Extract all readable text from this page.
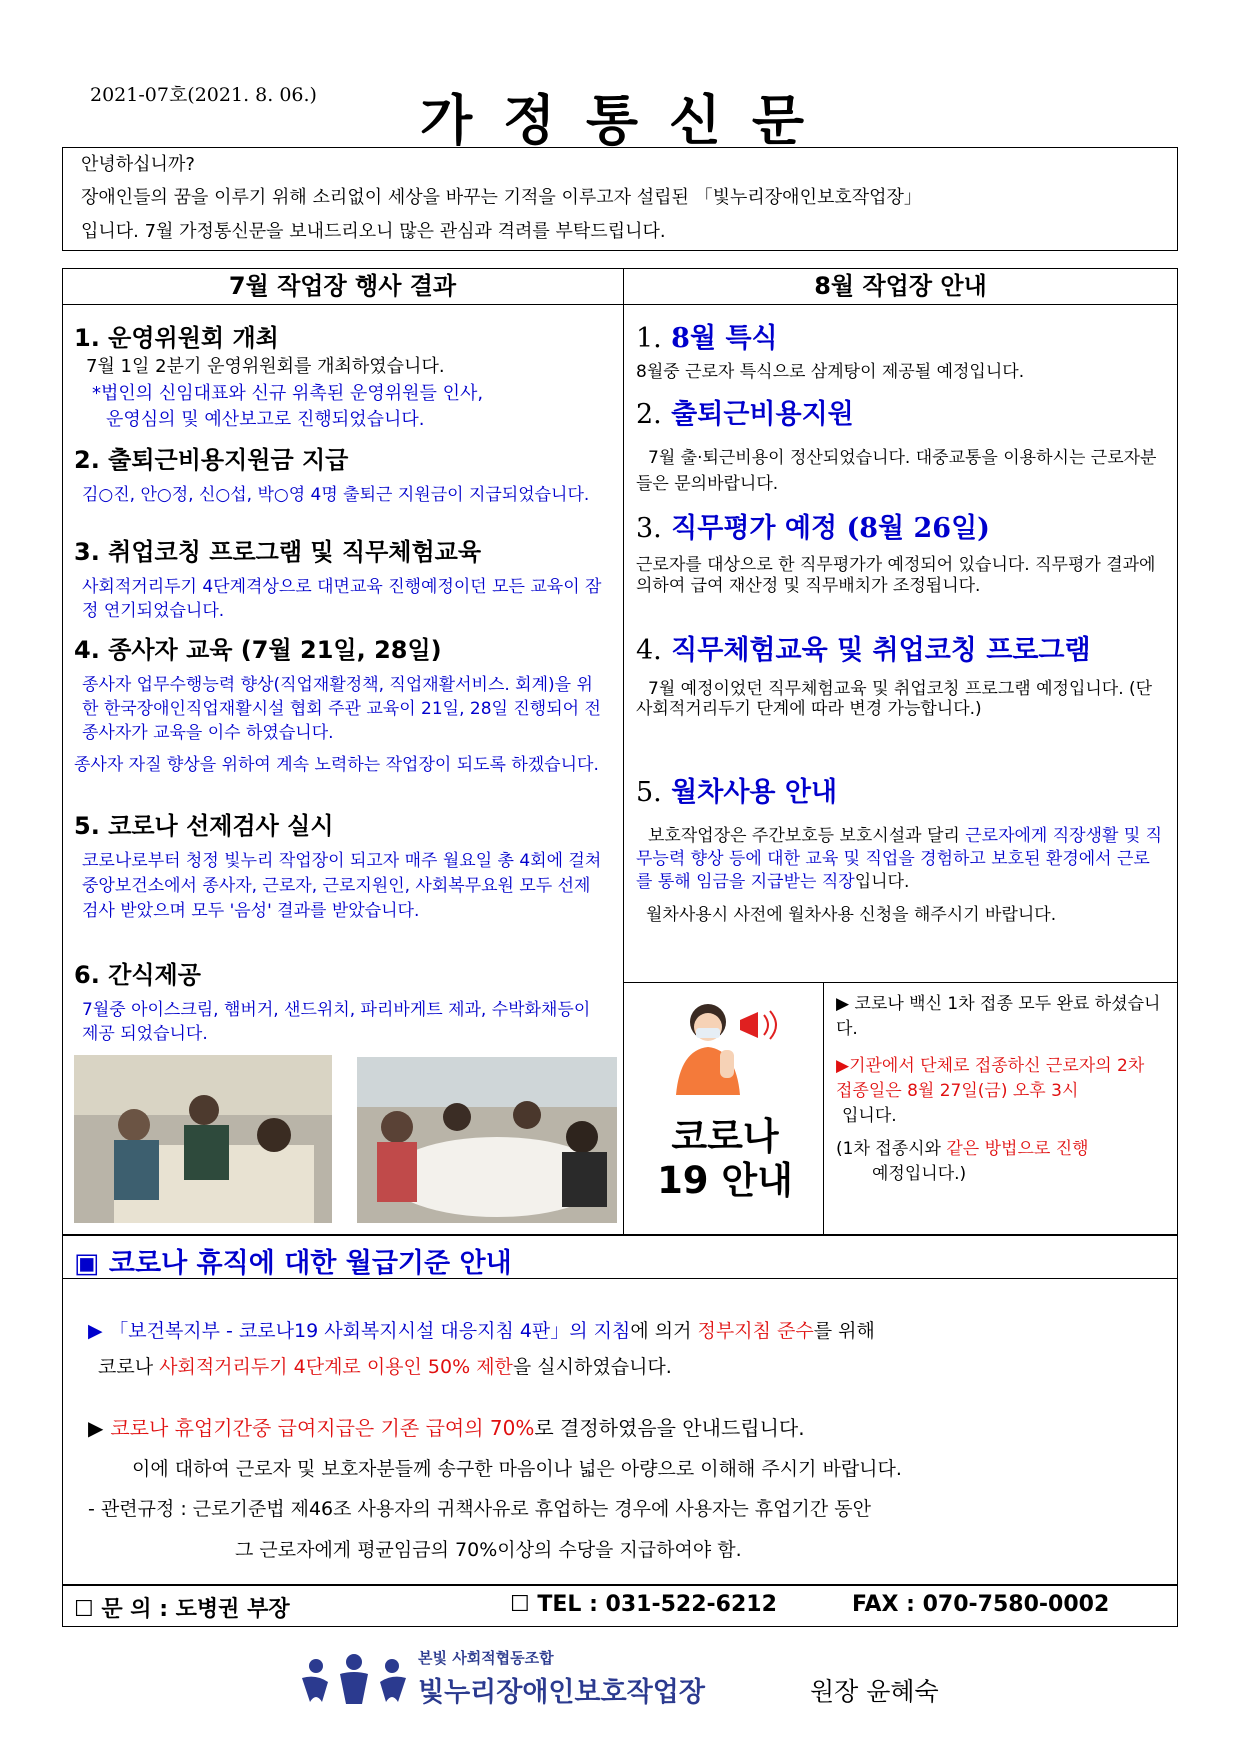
2021-07호(2021. 8. 06.) 가 정 통 신 문
안녕하십니까?
장애인들의 꿈을 이루기 위해 소리없이 세상을 바꾸는 기적을 이루고자 설립된 「빛누리장애인보호작업장」
입니다. 7월 가정통신문을 보내드리오니 많은 관심과 격려를 부탁드립니다.
7월 작업장 행사 결과	8월 작업장 안내

1. 운영위원회 개최

7월 1일 2분기 운영위원회를 개최하였습니다.

*법인의 신임대표와 신규 위촉된 운영위원들 인사,

운영심의 및 예산보고로 진행되었습니다.

2. 출퇴근비용지원금 지급

김○진, 안○정, 신○섭, 박○영 4명 출퇴근 지원금이 지급되었습니다.

3. 취업코칭 프로그램 및 직무체험교육

사회적거리두기 4단계격상으로 대면교육 진행예정이던 모든 교육이 잠정 연기되었습니다.

4. 종사자 교육 (7월 21일, 28일)

종사자 업무수행능력 향상(직업재활정책, 직업재활서비스. 회계)을 위한 한국장애인직업재활시설 협회 주관 교육이 21일, 28일 진행되어 전 종사자가 교육을 이수 하였습니다.

종사자 자질 향상을 위하여 계속 노력하는 작업장이 되도록 하겠습니다.

5. 코로나 선제검사 실시

코로나로부터 청정 빛누리 작업장이 되고자 매주 월요일 총 4회에 걸쳐 중앙보건소에서 종사자, 근로자, 근로지원인, 사회복무요원 모두 선제 검사 받았으며 모두 '음성' 결과를 받았습니다.

6. 간식제공

7월중 아이스크림, 햄버거, 샌드위치, 파리바게트 제과, 수박화채등이 제공 되었습니다.

1. 8월 특식

8월중 근로자 특식으로 삼계탕이 제공될 예정입니다.

2. 출퇴근비용지원

7월 출·퇴근비용이 정산되었습니다. 대중교통을 이용하시는 근로자분들은 문의바랍니다.

3. 직무평가 예정 (8월 26일)

근로자를 대상으로 한 직무평가가 예정되어 있습니다. 직무평가 결과에 의하여 급여 재산정 및 직무배치가 조정됩니다.

4. 직무체험교육 및 취업코칭 프로그램

7월 예정이었던 직무체험교육 및 취업코칭 프로그램 예정입니다. (단 사회적거리두기 단계에 따라 변경 가능합니다.)

5. 월차사용 안내

보호작업장은 주간보호등 보호시설과 달리 근로자에게 직장생활 및 직무능력 향상 등에 대한 교육 및 직업을 경험하고 보호된 환경에서 근로를 통해 임금을 지급받는 직장입니다.

월차사용시 사전에 월차사용 신청을 해주시기 바랍니다.

코로나 19 안내

▶ 코로나 백신 1차 접종 모두 완료 하셨습니다.

▶기관에서 단체로 접종하신 근로자의 2차 접종일은 8월 27일(금) 오후 3시

입니다.

(1차 접종시와 같은 방법으로 진행

예정입니다.)

▣ 코로나 휴직에 대한 월급기준 안내
▶ 「보건복지부 - 코로나19 사회복지시설 대응지침 4판」의 지침에 의거 정부지침 준수를 위해
코로나 사회적거리두기 4단계로 이용인 50% 제한을 실시하였습니다.
▶ 코로나 휴업기간중 급여지급은 기존 급여의 70%로 결정하였음을 안내드립니다.
이에 대하여 근로자 및 보호자분들께 송구한 마음이나 넓은 아량으로 이해해 주시기 바랍니다.
- 관련규정 : 근로기준법 제46조 사용자의 귀책사유로 휴업하는 경우에 사용자는 휴업기간 동안
그 근로자에게 평균임금의 70%이상의 수당을 지급하여야 함.
☐ 문 의 : 도병권 부장	☐ TEL : 031-522-6212	FAX : 070-7580-0002
본빛 사회적협동조합
빛누리장애인보호작업장	원장 윤혜숙
